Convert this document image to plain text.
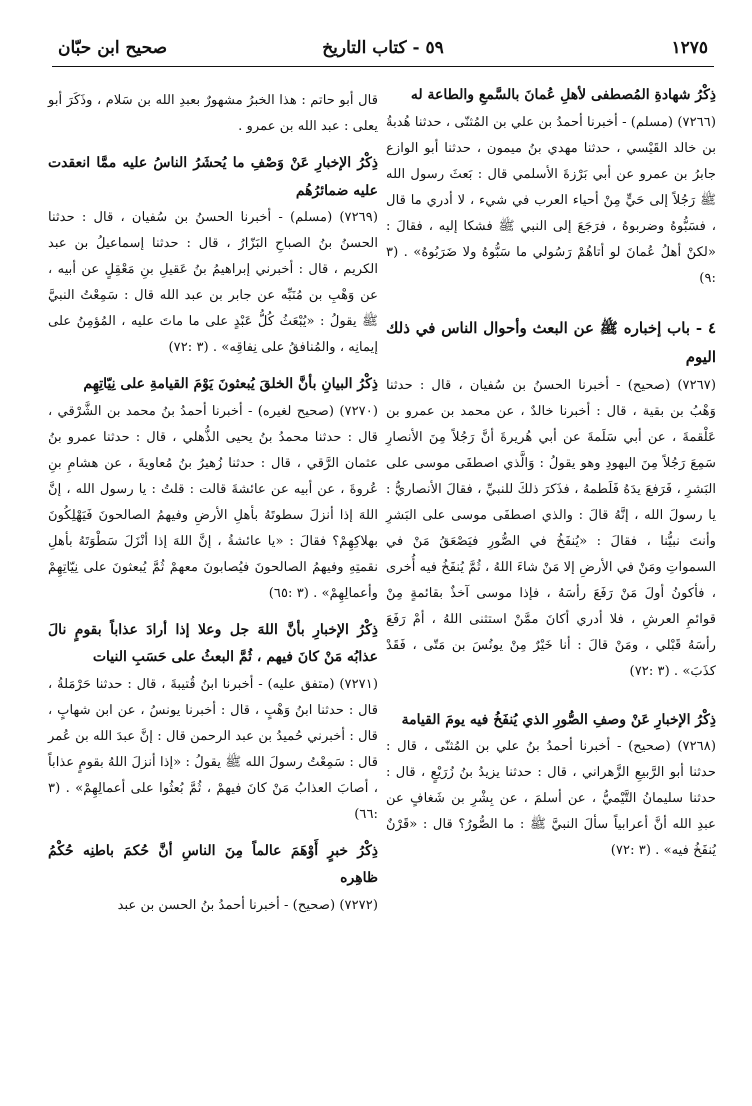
١٢٧٥
٥٩ - كتاب التاريخ
صحيح ابن حبّان

ذِكْرُ شهادةِ المُصطفى لأهلِ عُمانَ بالسَّمعِ والطاعة له

(٧٢٦٦) (مسلم) - أخبرنا أحمدُ بن علي بن المُثنّى ، حدثنا هُدبةُ بن خالد القَيْسي ، حدثنا مهدي بنُ ميمون ، حدثنا أبو الوازع جابرُ بن عمرو عن أبي بَرْزةَ الأسلمي قال : بَعثَ رسول الله ﷺ رَجُلاً إلى حَيٍّ مِنْ أحياء العرب في شيء ، لا أدري ما قال ، فسَبُّوهُ وضربوهُ ، فرَجَعَ إلى النبي ﷺ فشكا إليه ، فقالَ : «لكنْ أهلُ عُمانَ لو أتاهُمْ رَسُولي ما سَبُّوهُ ولا ضَرَبُوهُ» . (٣ :٩)

٤ - باب إخباره ﷺ عن البعث وأحوال الناس في ذلك اليوم

(٧٢٦٧) (صحيح) - أخبرنا الحسنُ بن سُفيان ، قال : حدثنا وَهْبُ بن بقية ، قال : أخبرنا خالدٌ ، عن محمد بن عمرو بن عَلْقمةَ ، عن أبي سَلَمةَ عن أبي هُريرةَ أنَّ رَجُلاً مِنَ الأنصارِ سَمِعَ رَجُلاً مِنَ اليهودِ وهو يقولُ : وَالَّذي اصطفَى موسى على البَشرِ ، فَرَفعَ يدَهُ فَلَطمهُ ، فذَكرَ ذلكَ للنبيِّ ، فقالَ الأنصاريُّ : يا رسولَ الله ، إنَّهُ قالَ : والذي اصطفَى موسى على البَشرِ وأنتَ نبيُّنا ، فقالَ : «يُنفَخُ في الصُّورِ فيَصْعَقُ مَنْ في السمواتِ ومَنْ في الأرضِ إلا مَنْ شاءَ اللهُ ، ثُمَّ يُنفَخُ فيه أُخرى ، فأكونُ أولَ مَنْ رَفَعَ رأسَهُ ، فإذا موسى آخذٌ بقائمةٍ مِنْ قوائمِ العرشِ ، فلا أدري أكانَ ممَّنْ استثنى اللهُ ، أمْ رَفَعَ رأسَهُ قَبْلي ، ومَنْ قالَ : أنا خَيْرٌ مِنْ يونُسَ بن مَتّى ، فَقَدْ كذَبَ» . (٣ :٧٢)

ذِكْرُ الإخبارِ عَنْ وصفِ الصُّورِ الذي يُنفَخُ فيه يومَ القيامة

(٧٢٦٨) (صحيح) - أخبرنا أحمدُ بنُ علي بن المُثنّى ، قال : حدثنا أبو الرَّبيعِ الزَّهراني ، قال : حدثنا يزيدُ بنُ زُرَيْعٍ ، قال : حدثنا سليمانُ التَّيْميُّ ، عن أسلمَ ، عن بِشْرِ بن شَغافٍ عن عبدِ الله أنَّ أعرابياً سألَ النبيَّ ﷺ : ما الصُّورُ؟ قال : «قَرْنٌ يُنفَخُ فيه» . (٣ :٧٢)

قال أبو حاتم : هذا الخبرُ مشهورٌ بعبدِ الله بن سَلام ، وذَكَرَ أبو يعلى : عبد الله بن عمرو .

ذِكْرُ الإخبارِ عَنْ وَصْفِ ما يُحشَرُ الناسُ عليه ممَّا انعقدت عليه ضمائرُهُم

(٧٢٦٩) (مسلم) - أخبرنا الحسنُ بن سُفيان ، قال : حدثنا الحسنُ بنُ الصباحِ البَزّارُ ، قال : حدثنا إسماعيلُ بن عبد الكريم ، قال : أخبرني إبراهيمُ بنُ عَقيلِ بنِ مَعْقِلٍ عن أبيه ، عن وَهْبِ بن مُنَبِّه عن جابر بن عبد الله قال : سَمِعْتُ النبيَّ ﷺ يقولُ : «يُبْعَثُ كُلُّ عَبْدٍ على ما ماتَ عليه ، المُؤمِنُ على إيمانِه ، والمُنافقُ على نِفاقِه» . (٣ :٧٢)

ذِكْرُ البيانِ بأنَّ الخلقَ يُبعثونَ يَوْمَ القيامةِ على نِيّاتِهِم

(٧٢٧٠) (صحيح لغيره) - أخبرنا أحمدُ بنُ محمد بن الشَّرْقي ، قال : حدثنا محمدُ بنُ يحيى الذُّهلي ، قال : حدثنا عمرو بنُ عثمان الرَّقي ، قال : حدثنا زُهيرُ بنُ مُعاويةَ ، عن هشامِ بنِ عُروةَ ، عن أبيه عن عائشةَ قالت : قلتُ : يا رسول الله ، إنَّ اللهَ إذا أنزلَ سطوتَهُ بأهلِ الأرضِ وفيهمُ الصالحونَ فَيَهْلِكُونَ بهلاكِهِمْ؟ فقالَ : «يا عائشةُ ، إنَّ اللهَ إذا أنْزَلَ سَطْوَتَهُ بأهلِ نقمتِهِ وفيهمُ الصالحونَ فيُصابونَ معهمْ ثُمَّ يُبعثونَ على نِيّاتِهِمْ وأعمالِهِمْ» . (٣ :٦٥)

ذِكْرُ الإخبارِ بأنَّ اللهَ جل وعلا إذا أرادَ عذاباً بقومٍ نالَ عذابُه مَنْ كانَ فيهم ، ثُمَّ البعثُ على حَسَبِ النيات

(٧٢٧١) (متفق عليه) - أخبرنا ابنُ قُتيبةَ ، قال : حدثنا حَرْمَلةُ ، قال : حدثنا ابنُ وَهْبٍ ، قال : أخبرنا يونسُ ، عن ابن شهابٍ ، قال : أخبرني حُميدُ بن عبد الرحمن قال : إنَّ عبدَ الله بن عُمر قال : سَمِعْتُ رسولَ الله ﷺ يقولُ : «إذا أنزلَ اللهُ بقومٍ عذاباً ، أصابَ العذابُ مَنْ كانَ فيهمْ ، ثُمَّ بُعثُوا على أعمالِهِمْ» . (٣ :٦٦)

ذِكْرُ خبرٍ أَوْهَمَ عالماً مِنَ الناسِ أنَّ حُكمَ باطنِه حُكْمُ ظاهِره

(٧٢٧٢) (صحيح) - أخبرنا أحمدُ بنُ الحسن بن عبد
